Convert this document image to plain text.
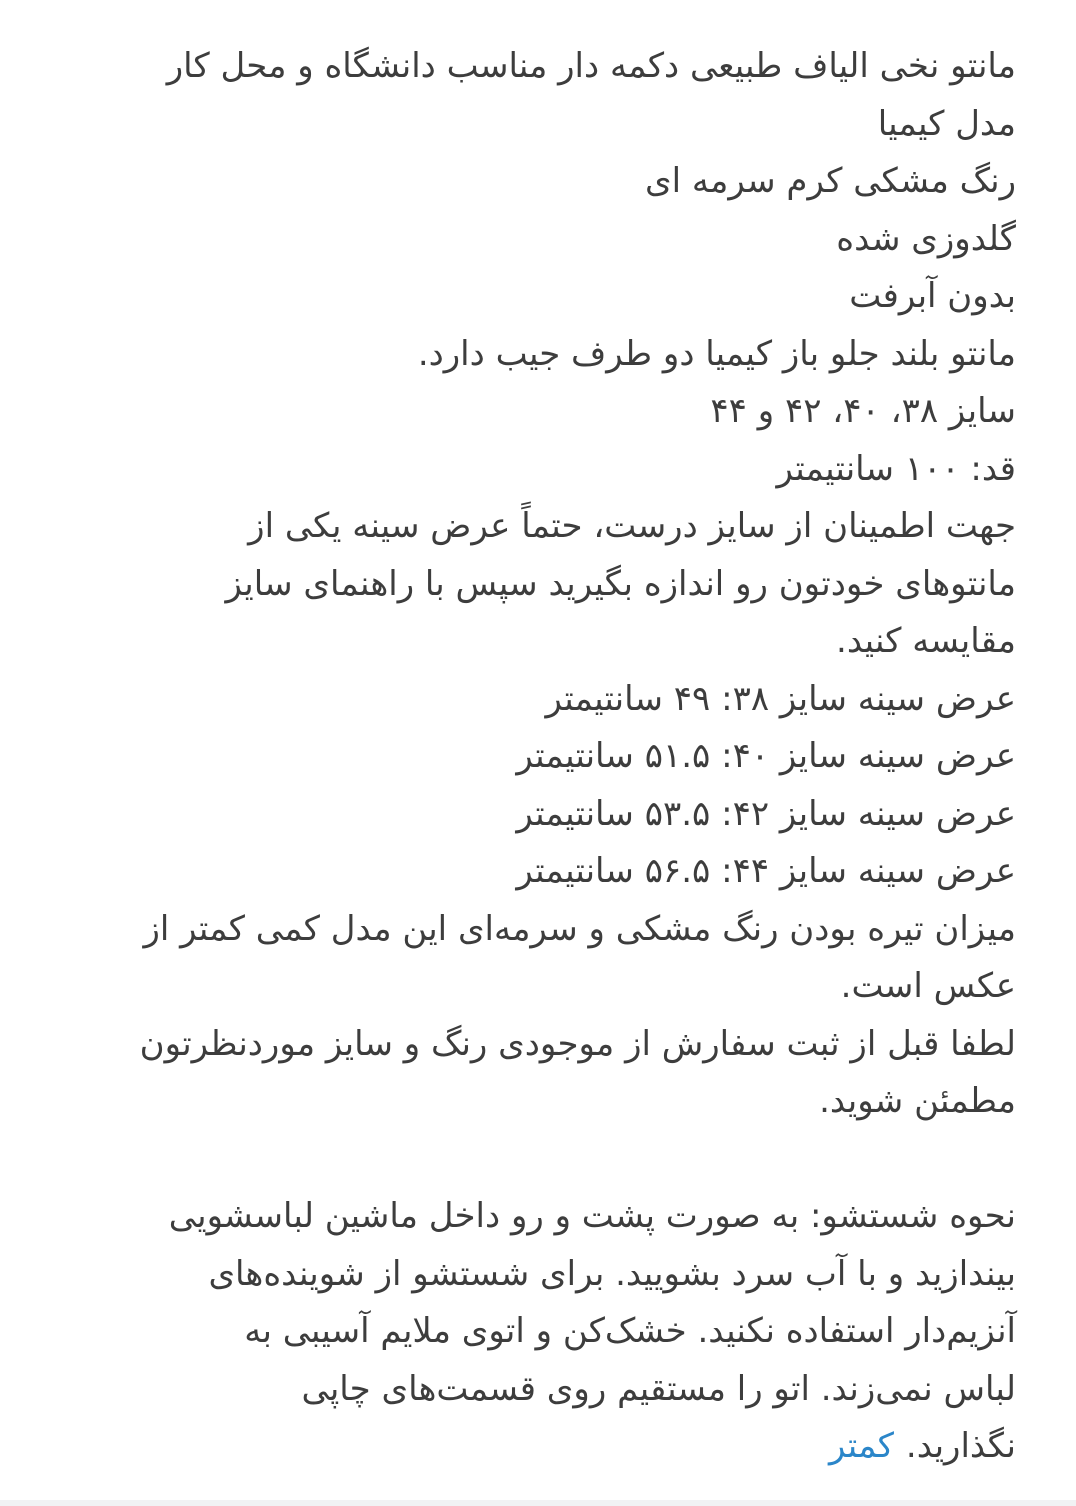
مانتو نخی الیاف طبیعی دکمه دار مناسب دانشگاه و محل کار
مدل کیمیا
رنگ مشکی کرم سرمه ای
گلدوزی شده
بدون آبرفت
مانتو بلند جلو باز کیمیا دو طرف جیب دارد.
سایز ۳۸، ۴۰، ۴۲ و ۴۴
قد: ۱۰۰ سانتیمتر
جهت اطمینان از سایز درست، حتماً عرض سینه یکی از
مانتوهای خودتون رو اندازه بگیرید سپس با راهنمای سایز
مقایسه کنید.
عرض سینه سایز ۳۸: ۴۹ سانتیمتر
عرض سینه سایز ۴۰: ۵۱.۵ سانتیمتر
عرض سینه سایز ۴۲: ۵۳.۵ سانتیمتر
عرض سینه سایز ۴۴: ۵۶.۵ سانتیمتر
میزان تیره بودن رنگ مشکی و سرمه‌ای این مدل کمی کمتر از
عکس است.
لطفا قبل از ثبت سفارش از موجودی رنگ و سایز موردنظرتون
مطمئن شوید.
نحوه شستشو: به صورت پشت و رو داخل ماشین لباسشویی
بیندازید و با آب سرد بشویید. برای شستشو از شوینده‌های
آنزیم‌دار استفاده نکنید. خشک‌کن و اتوی ملایم آسیبی به
لباس نمی‌زند. اتو را مستقیم روی قسمت‌های چاپی
نگذارید.کمتر
